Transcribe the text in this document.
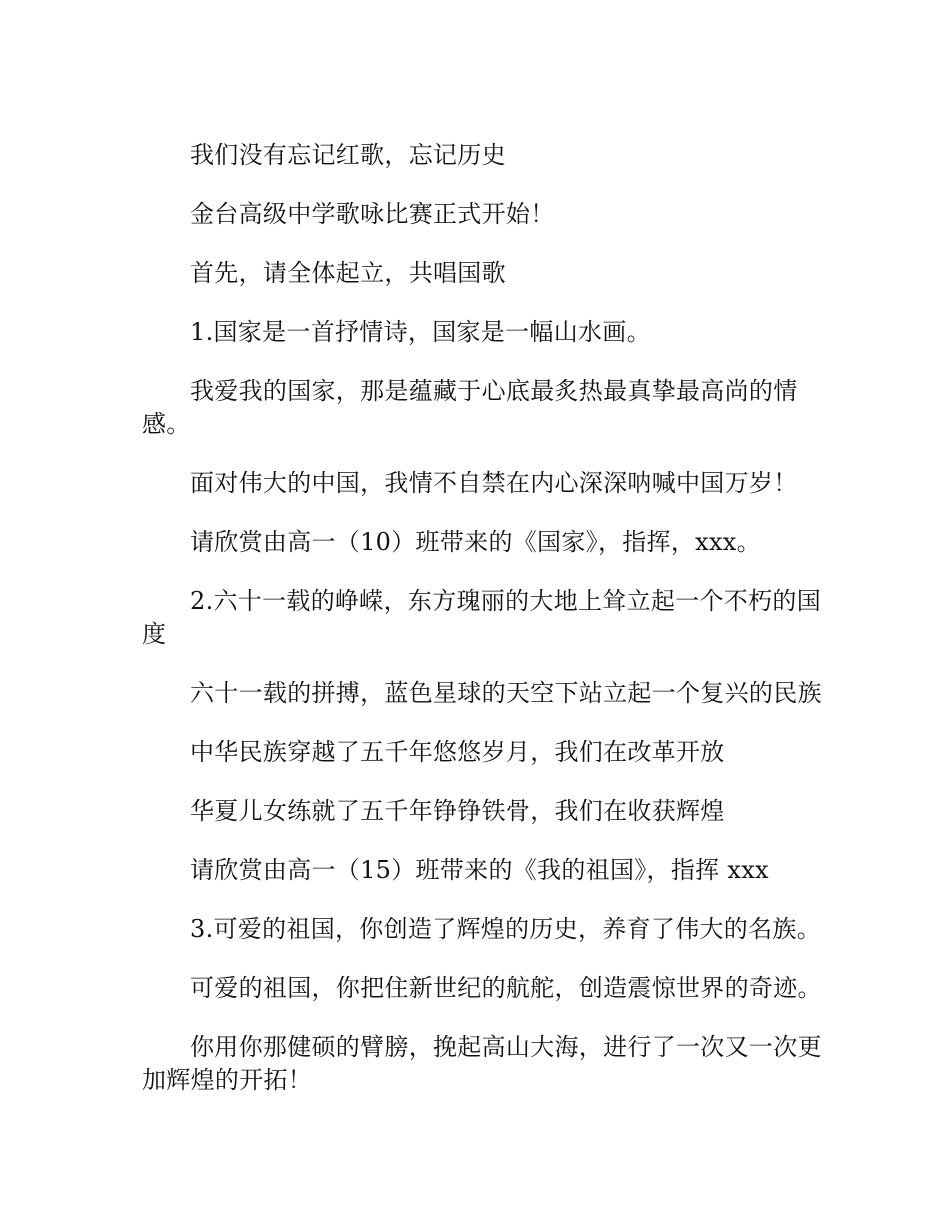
我们没有忘记红歌，忘记历史

金台高级中学歌咏比赛正式开始！

首先，请全体起立，共唱国歌

1.国家是一首抒情诗，国家是一幅山水画。

我爱我的国家，那是蕴藏于心底最炙热最真挚最高尚的情感。

面对伟大的中国，我情不自禁在内心深深呐喊中国万岁！

请欣赏由高一（10）班带来的《国家》，指挥，xxx。

2.六十一载的峥嵘，东方瑰丽的大地上耸立起一个不朽的国度

六十一载的拼搏，蓝色星球的天空下站立起一个复兴的民族

中华民族穿越了五千年悠悠岁月，我们在改革开放

华夏儿女练就了五千年铮铮铁骨，我们在收获辉煌

请欣赏由高一（15）班带来的《我的祖国》，指挥 xxx

3.可爱的祖国，你创造了辉煌的历史，养育了伟大的名族。

可爱的祖国，你把住新世纪的航舵，创造震惊世界的奇迹。

你用你那健硕的臂膀，挽起高山大海，进行了一次又一次更加辉煌的开拓！
